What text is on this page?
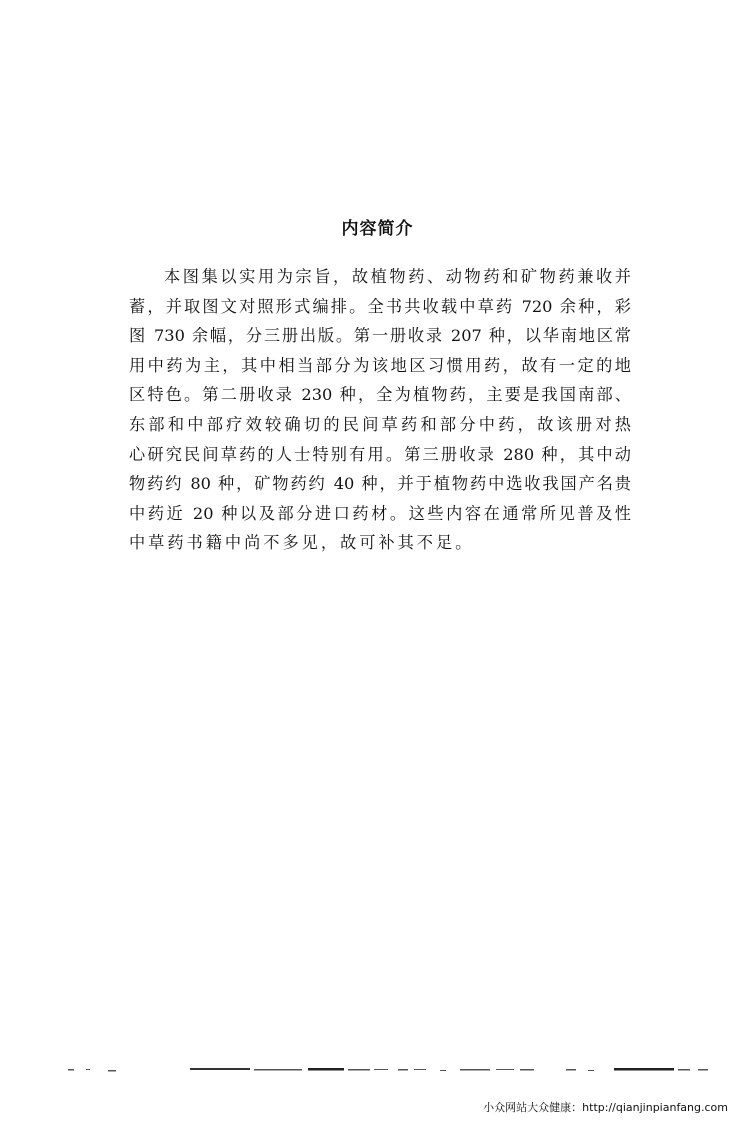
内容简介
本图集以实用为宗旨，故植物药、动物药和矿物药兼收并
蓄，并取图文对照形式编排。全书共收载中草药 720 余种，彩
图 730 余幅，分三册出版。第一册收录 207 种，以华南地区常
用中药为主，其中相当部分为该地区习惯用药，故有一定的地
区特色。第二册收录 230 种，全为植物药，主要是我国南部、
东部和中部疗效较确切的民间草药和部分中药，故该册对热
心研究民间草药的人士特别有用。第三册收录 280 种，其中动
物药约 80 种，矿物药约 40 种，并于植物药中选收我国产名贵
中药近 20 种以及部分进口药材。这些内容在通常所见普及性
中草药书籍中尚不多见，故可补其不足。
小众网站大众健康：http://qianjinpianfang.com
